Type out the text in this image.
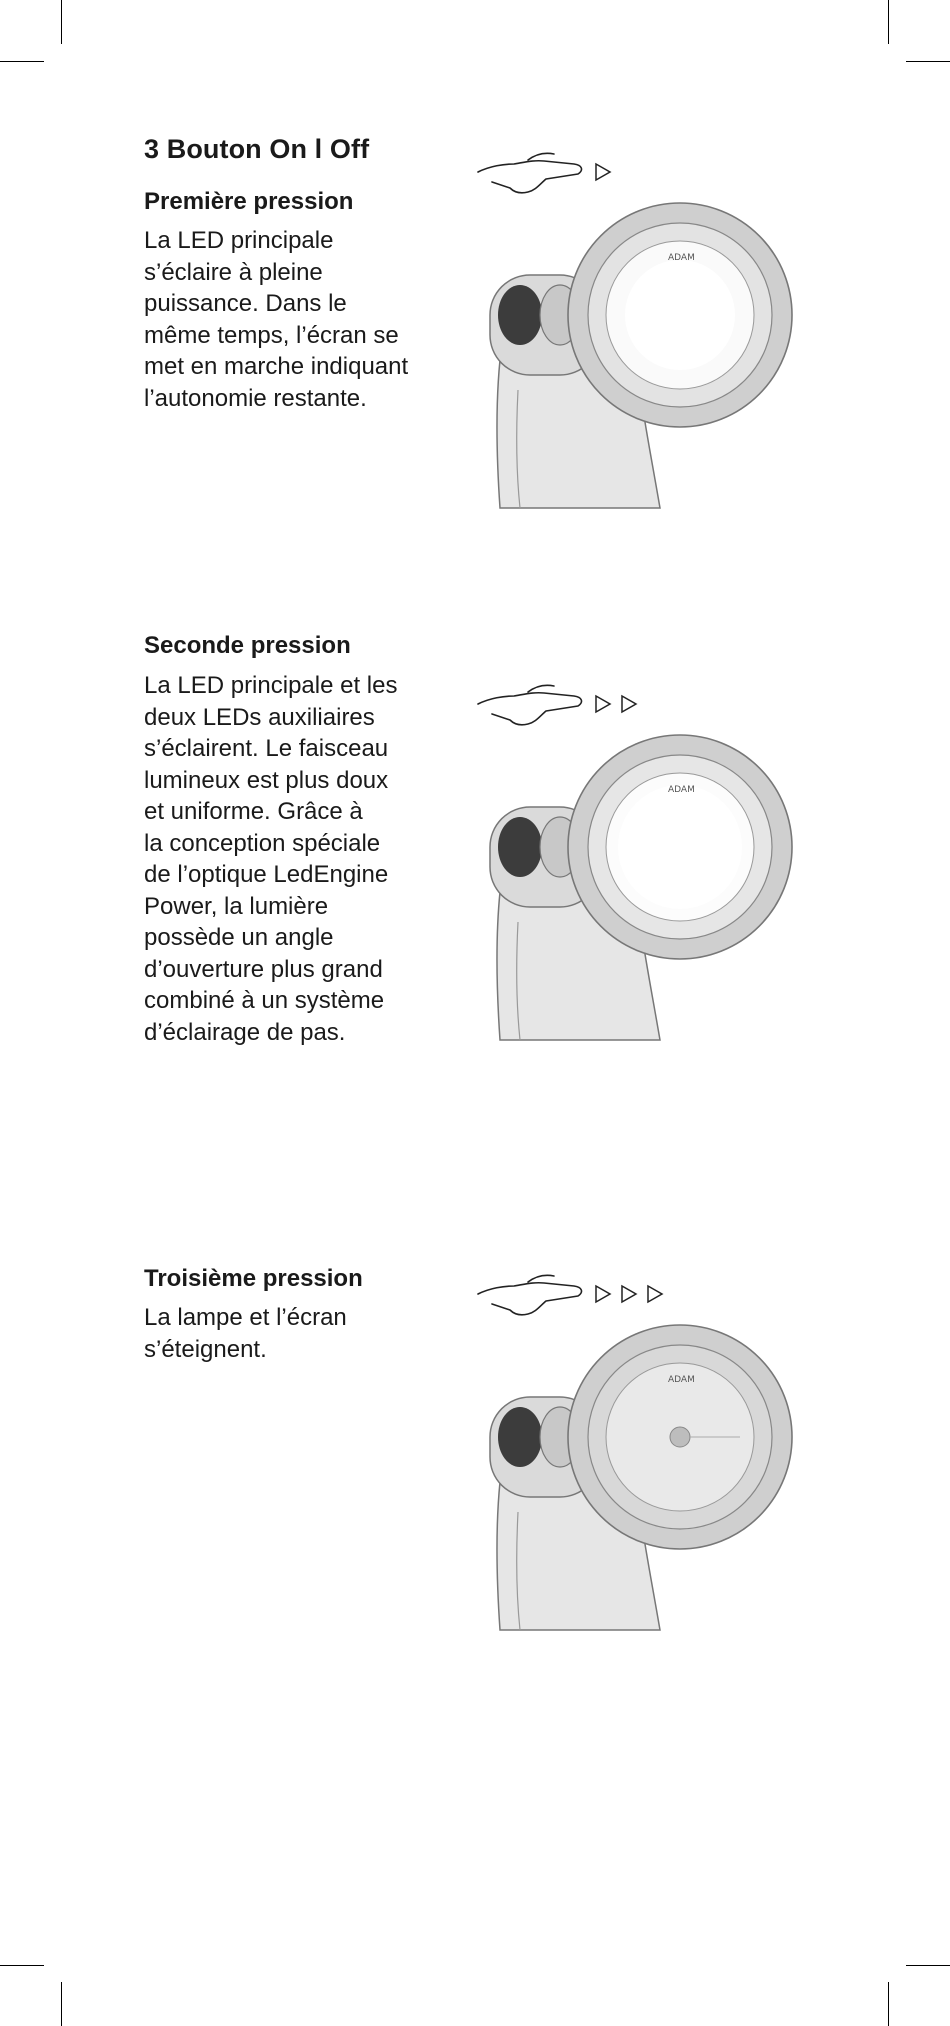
3 Bouton On l Off
Première pression

La LED principale
s’éclaire à pleine
puissance. Dans le
même temps, l’écran se
met en marche indiquant
l’autonomie restante.

ADAM
Seconde pression

La LED principale et les
deux LEDs auxiliaires
s’éclairent. Le faisceau
lumineux est plus doux
et uniforme. Grâce à
la conception spéciale
de l’optique LedEngine
Power, la lumière
possède un angle
d’ouverture plus grand
combiné à un système
d’éclairage de pas.

ADAM
Troisième pression

La lampe et l’écran
s’éteignent.

ADAM
